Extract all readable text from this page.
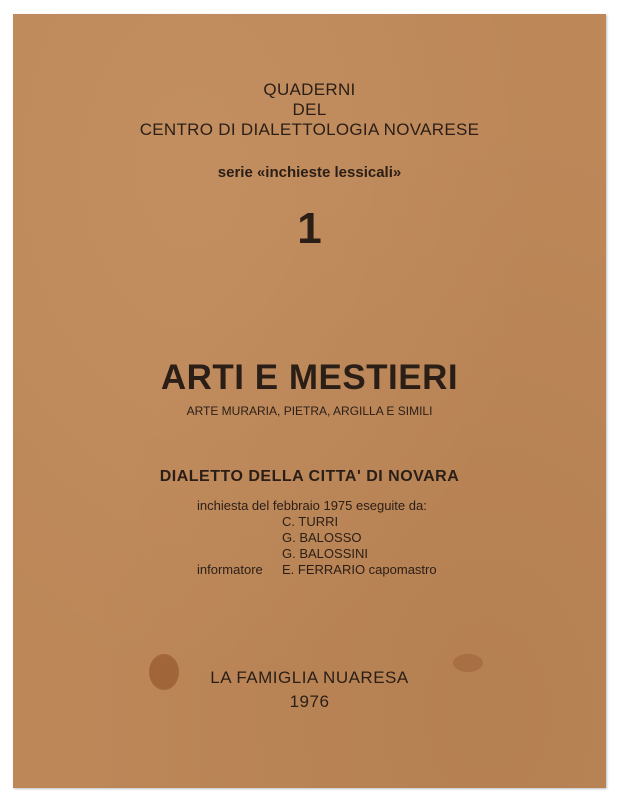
QUADERNI
DEL
CENTRO DI DIALETTOLOGIA NOVARESE
serie «inchieste lessicali»
1
ARTI E MESTIERI
ARTE MURARIA, PIETRA, ARGILLA E SIMILI
DIALETTO DELLA CITTA' DI NOVARA
inchiesta del febbraio 1975 eseguite da:
C. TURRI
G. BALOSSO
G. BALOSSINI
informatore E. FERRARIO capomastro
LA FAMIGLIA NUARESA
1976
